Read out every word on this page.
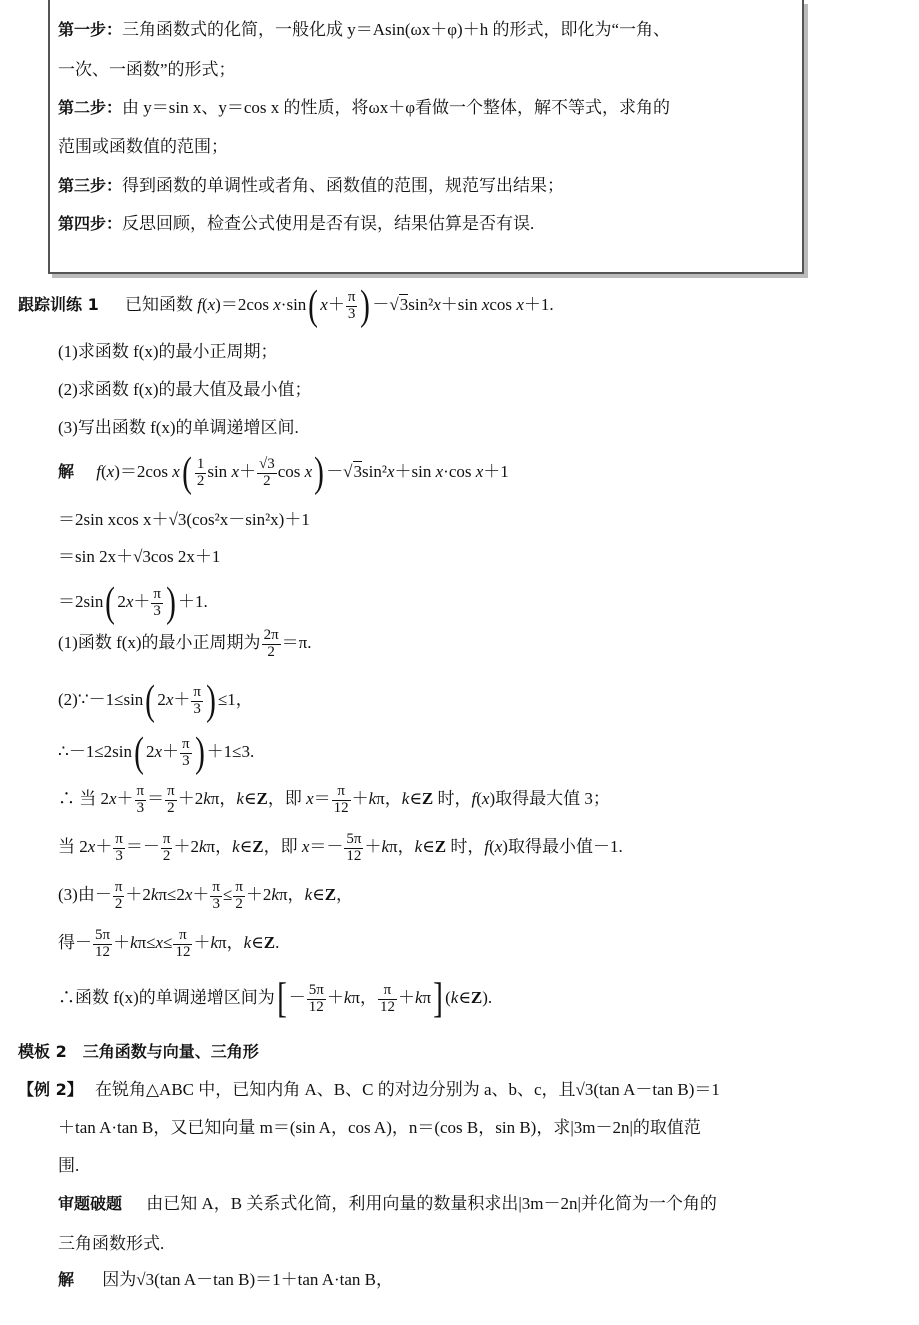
第一步：三角函数式的化简，一般化成 y＝Asin(ωx＋φ)＋h 的形式，即化为“一角、
一次、一函数”的形式；
第二步：由 y＝sin x、y＝cos x 的性质，将ωx＋φ看做一个整体，解不等式，求角的
范围或函数值的范围；
第三步：得到函数的单调性或者角、函数值的范围，规范写出结果；
第四步：反思回顾，检查公式使用是否有误，结果估算是否有误.
跟踪训练 1 已知函数 f(x)＝2cos x·sin( $x+ \frac{\pi}{3}$ ) －√3sin²x＋sin xcos x＋1.
(1)求函数 f(x)的最小正周期；
(2)求函数 f(x)的最大值及最小值；
(3)写出函数 f(x)的单调递增区间.
解 f(x)＝2cos $x( \frac{1}{2}$ $\sin x+ \frac{√3}{2}$ cos x) －√3sin²x＋sin x·cos x＋1
＝2sin xcos x＋√3(cos²x－sin²x)＋1
＝sin 2x＋√3cos 2x＋1
＝2sin( $2x+ \frac{\pi}{3}$ ) ＋1.
(1)函数 f(x)的最小正周期为 $\frac{2\pi}{2} =\pi$.
(2)∵－1≤sin( $2x+ \frac{\pi}{3}$ ) ≤1，
∴－1≤2sin( $2x+ \frac{\pi}{3}$ ) ＋1≤3.
∴ 当 $2x+ \frac{\pi}{3} = \frac{\pi}{2} +2k\pi$，k∈Z，即 $x= \frac{\pi}{12} +k\pi$，k∈Z 时，f(x)取得最大值 3；
当 $2x+ \frac{\pi}{3} =- \frac{\pi}{2} +2k\pi$，k∈Z，即 $x=- \frac{5\pi}{12} +k\pi$，k∈Z 时，f(x)取得最小值－1.
(3)由－ $\frac{\pi}{2} +2k\pi\le 2x+ \frac{\pi}{3} \le \frac{\pi}{2} +2k\pi$，k∈Z，
得－ $\frac{5\pi}{12} +k\pi\le x\le \frac{\pi}{12} +k\pi$，k∈Z.
∴函数 f(x)的单调递增区间为[ － $\frac{5\pi}{12} +k\pi$， $\frac{\pi}{12} +k\pi$] (k∈Z).
模板 2　三角函数与向量、三角形
【例 2】 在锐角△ABC 中，已知内角 A、B、C 的对边分别为 a、b、c，且√3(tan A－tan B)＝1
＋tan A·tan B，又已知向量 m＝(sin A，cos A)，n＝(cos B，sin B)，求|3m－2n|的取值范
围.
审题破题 由已知 A，B 关系式化简，利用向量的数量积求出|3m－2n|并化简为一个角的
三角函数形式.
解 因为√3(tan A－tan B)＝1＋tan A·tan B，
